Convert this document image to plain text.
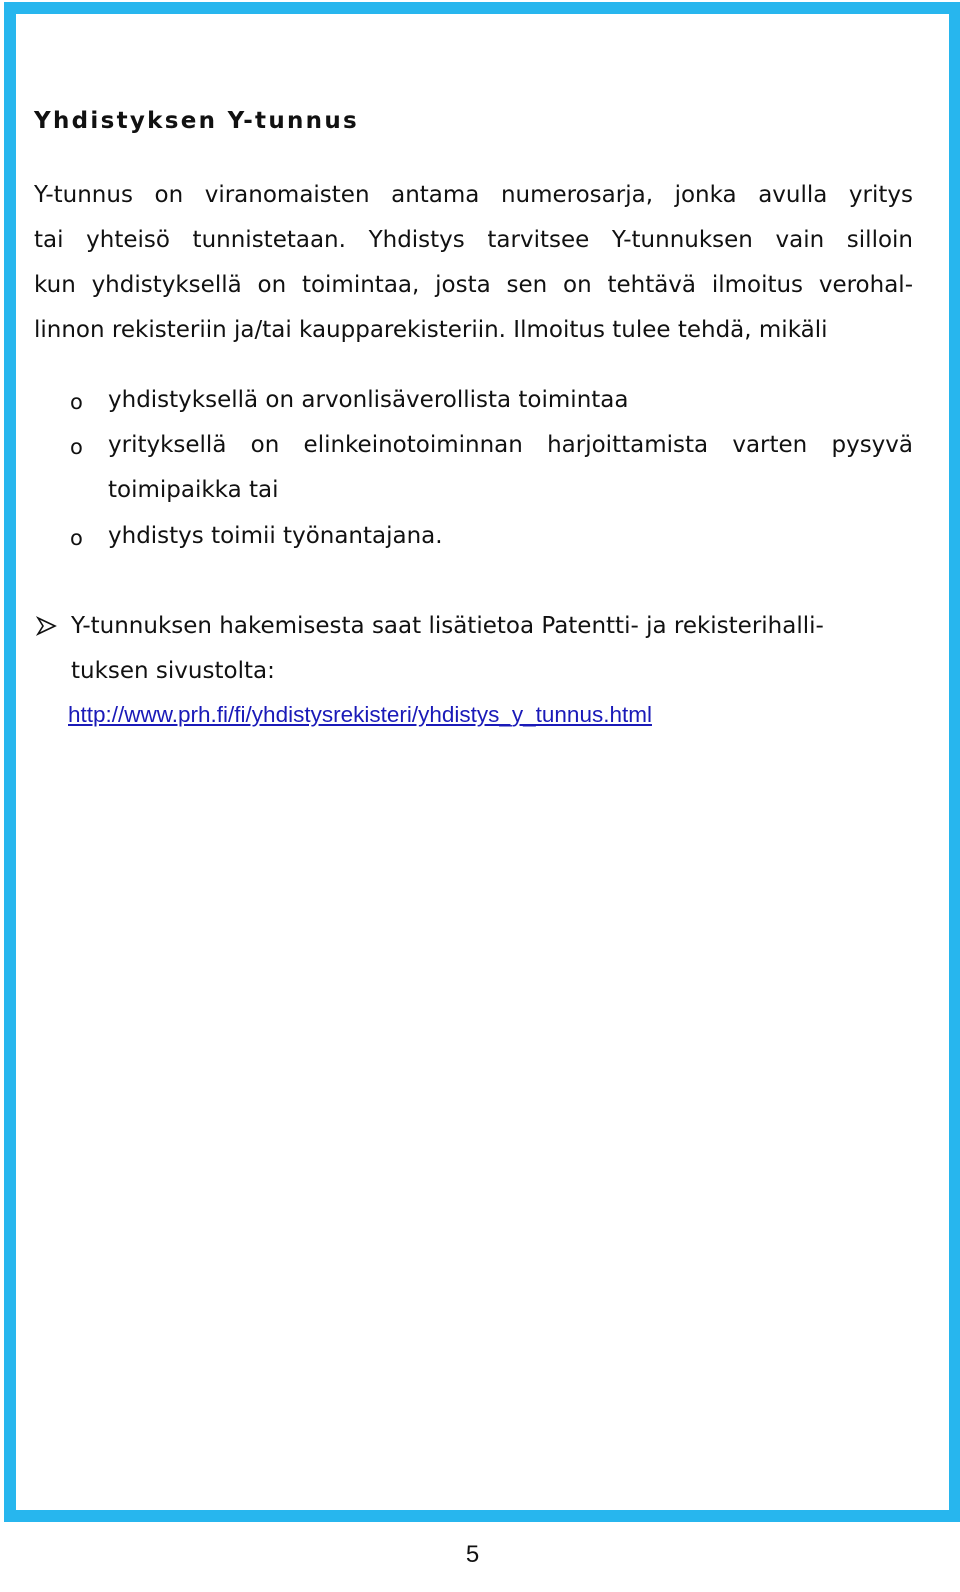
Yhdistyksen Y-tunnus
Y-tunnus on viranomaisten antama numerosarja, jonka avulla yritys
tai yhteisö tunnistetaan. Yhdistys tarvitsee Y-tunnuksen vain silloin
kun yhdistyksellä on toimintaa, josta sen on tehtävä ilmoitus verohal-
linnon rekisteriin ja/tai kaupparekisteriin. Ilmoitus tulee tehdä, mikäli
o yhdistyksellä on arvonlisäverollista toimintaa
o yrityksellä on elinkeinotoiminnan harjoittamista varten pysyvä
toimipaikka tai
o yhdistys toimii työnantajana.
Y-tunnuksen hakemisesta saat lisätietoa Patentti- ja rekisterihalli-
tuksen sivustolta:
http://www.prh.fi/fi/yhdistysrekisteri/yhdistys_y_tunnus.html
5
